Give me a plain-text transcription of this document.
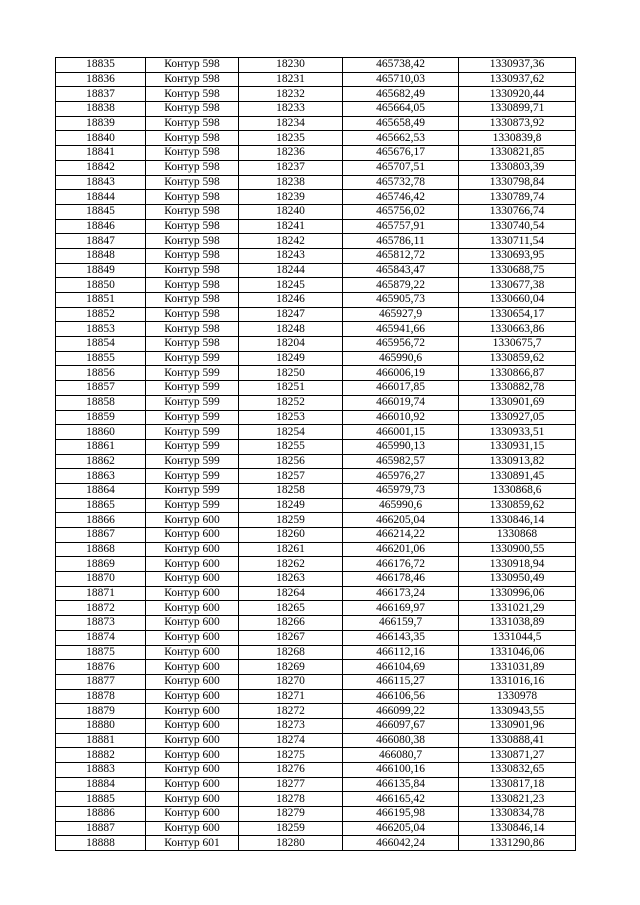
18835	Контур 598	18230	465738,42	1330937,36
18836	Контур 598	18231	465710,03	1330937,62
18837	Контур 598	18232	465682,49	1330920,44
18838	Контур 598	18233	465664,05	1330899,71
18839	Контур 598	18234	465658,49	1330873,92
18840	Контур 598	18235	465662,53	1330839,8
18841	Контур 598	18236	465676,17	1330821,85
18842	Контур 598	18237	465707,51	1330803,39
18843	Контур 598	18238	465732,78	1330798,84
18844	Контур 598	18239	465746,42	1330789,74
18845	Контур 598	18240	465756,02	1330766,74
18846	Контур 598	18241	465757,91	1330740,54
18847	Контур 598	18242	465786,11	1330711,54
18848	Контур 598	18243	465812,72	1330693,95
18849	Контур 598	18244	465843,47	1330688,75
18850	Контур 598	18245	465879,22	1330677,38
18851	Контур 598	18246	465905,73	1330660,04
18852	Контур 598	18247	465927,9	1330654,17
18853	Контур 598	18248	465941,66	1330663,86
18854	Контур 598	18204	465956,72	1330675,7
18855	Контур 599	18249	465990,6	1330859,62
18856	Контур 599	18250	466006,19	1330866,87
18857	Контур 599	18251	466017,85	1330882,78
18858	Контур 599	18252	466019,74	1330901,69
18859	Контур 599	18253	466010,92	1330927,05
18860	Контур 599	18254	466001,15	1330933,51
18861	Контур 599	18255	465990,13	1330931,15
18862	Контур 599	18256	465982,57	1330913,82
18863	Контур 599	18257	465976,27	1330891,45
18864	Контур 599	18258	465979,73	1330868,6
18865	Контур 599	18249	465990,6	1330859,62
18866	Контур 600	18259	466205,04	1330846,14
18867	Контур 600	18260	466214,22	1330868
18868	Контур 600	18261	466201,06	1330900,55
18869	Контур 600	18262	466176,72	1330918,94
18870	Контур 600	18263	466178,46	1330950,49
18871	Контур 600	18264	466173,24	1330996,06
18872	Контур 600	18265	466169,97	1331021,29
18873	Контур 600	18266	466159,7	1331038,89
18874	Контур 600	18267	466143,35	1331044,5
18875	Контур 600	18268	466112,16	1331046,06
18876	Контур 600	18269	466104,69	1331031,89
18877	Контур 600	18270	466115,27	1331016,16
18878	Контур 600	18271	466106,56	1330978
18879	Контур 600	18272	466099,22	1330943,55
18880	Контур 600	18273	466097,67	1330901,96
18881	Контур 600	18274	466080,38	1330888,41
18882	Контур 600	18275	466080,7	1330871,27
18883	Контур 600	18276	466100,16	1330832,65
18884	Контур 600	18277	466135,84	1330817,18
18885	Контур 600	18278	466165,42	1330821,23
18886	Контур 600	18279	466195,98	1330834,78
18887	Контур 600	18259	466205,04	1330846,14
18888	Контур 601	18280	466042,24	1331290,86
